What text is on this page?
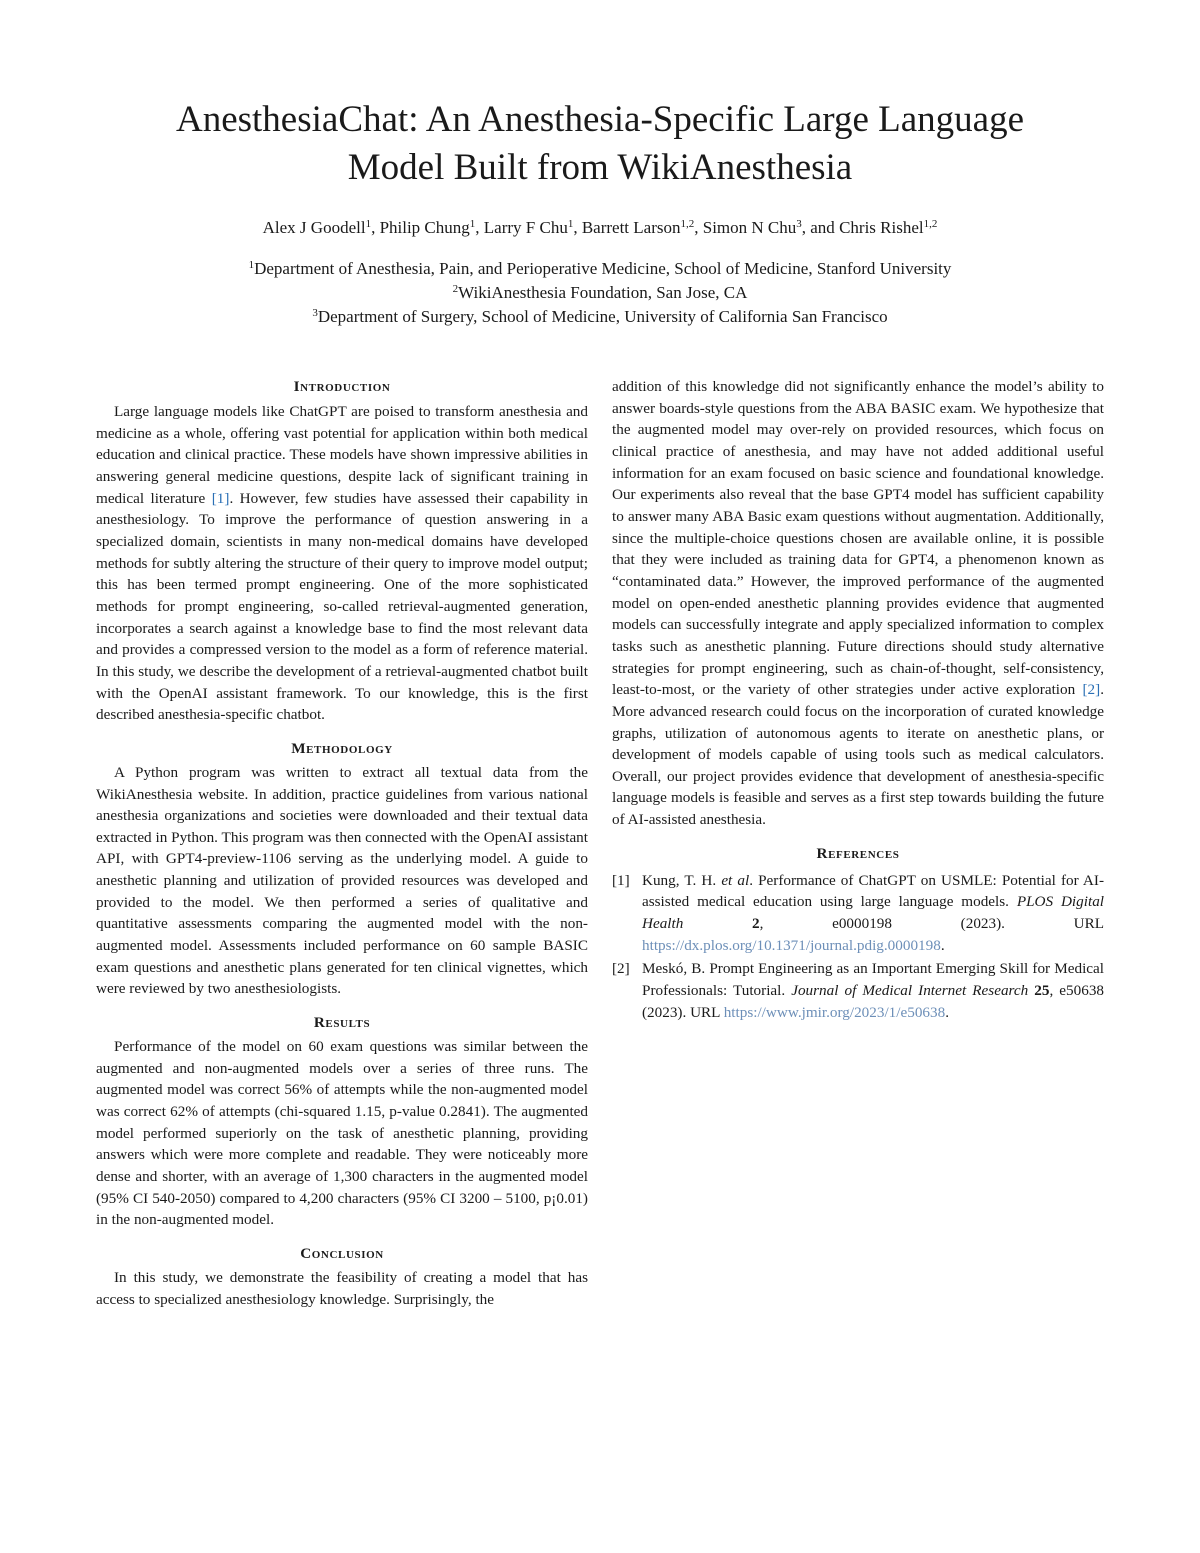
AnesthesiaChat: An Anesthesia-Specific Large Language
Model Built from WikiAnesthesia
Alex J Goodell$^1$, Philip Chung$^1$, Larry F Chu$^1$, Barrett Larson$^{1,2}$, Simon N Chu$^3$, and Chris Rishel$^{1,2}$
$^1$Department of Anesthesia, Pain, and Perioperative Medicine, School of Medicine, Stanford University
$^2$WikiAnesthesia Foundation, San Jose, CA
$^3$Department of Surgery, School of Medicine, University of California San Francisco
Introduction

Large language models like ChatGPT are poised to transform anesthesia and medicine as a whole, offering vast potential for application within both medical education and clinical practice. These models have shown impressive abilities in answering general medicine questions, despite lack of significant training in medical literature [1]. However, few studies have assessed their capability in anesthesiology. To improve the performance of question answering in a specialized domain, scientists in many non-medical domains have developed methods for subtly altering the structure of their query to improve model output; this has been termed prompt engineering. One of the more sophisticated methods for prompt engineering, so-called retrieval-augmented generation, incorporates a search against a knowledge base to find the most relevant data and provides a compressed version to the model as a form of reference material. In this study, we describe the development of a retrieval-augmented chatbot built with the OpenAI assistant framework. To our knowledge, this is the first described anesthesia-specific chatbot.

Methodology

A Python program was written to extract all textual data from the WikiAnesthesia website. In addition, practice guidelines from various national anesthesia organizations and societies were downloaded and their textual data extracted in Python. This program was then connected with the OpenAI assistant API, with GPT4-preview-1106 serving as the underlying model. A guide to anesthetic planning and utilization of provided resources was developed and provided to the model. We then performed a series of qualitative and quantitative assessments comparing the augmented model with the non-augmented model. Assessments included performance on 60 sample BASIC exam questions and anesthetic plans generated for ten clinical vignettes, which were reviewed by two anesthesiologists.

Results

Performance of the model on 60 exam questions was similar between the augmented and non-augmented models over a series of three runs. The augmented model was correct 56% of attempts while the non-augmented model was correct 62% of attempts (chi-squared 1.15, p-value 0.2841). The augmented model performed superiorly on the task of anesthetic planning, providing answers which were more complete and readable. They were noticeably more dense and shorter, with an average of 1,300 characters in the augmented model (95% CI 540-2050) compared to 4,200 characters (95% CI 3200 – 5100, p¡0.01) in the non-augmented model.

Conclusion

In this study, we demonstrate the feasibility of creating a model that has access to specialized anesthesiology knowledge. Surprisingly, the

addition of this knowledge did not significantly enhance the model’s ability to answer boards-style questions from the ABA BASIC exam. We hypothesize that the augmented model may over-rely on provided resources, which focus on clinical practice of anesthesia, and may have not added additional useful information for an exam focused on basic science and foundational knowledge. Our experiments also reveal that the base GPT4 model has sufficient capability to answer many ABA Basic exam questions without augmentation. Additionally, since the multiple-choice questions chosen are available online, it is possible that they were included as training data for GPT4, a phenomenon known as “contaminated data.” However, the improved performance of the augmented model on open-ended anesthetic planning provides evidence that augmented models can successfully integrate and apply specialized information to complex tasks such as anesthetic planning. Future directions should study alternative strategies for prompt engineering, such as chain-of-thought, self-consistency, least-to-most, or the variety of other strategies under active exploration [2]. More advanced research could focus on the incorporation of curated knowledge graphs, utilization of autonomous agents to iterate on anesthetic plans, or development of models capable of using tools such as medical calculators. Overall, our project provides evidence that development of anesthesia-specific language models is feasible and serves as a first step towards building the future of AI-assisted anesthesia.

References
[1] Kung, T. H. et al. Performance of ChatGPT on USMLE: Potential for AI-assisted medical education using large language models. PLOS Digital Health	2, e0000198 (2023). URL https://dx.plos.org/10.1371/journal.pdig.0000198.
[2] Meskó, B. Prompt Engineering as an Important Emerging Skill for Medical Professionals: Tutorial. Journal of Medical Internet Research 25, e50638 (2023). URL https://www.jmir.org/2023/1/e50638.
